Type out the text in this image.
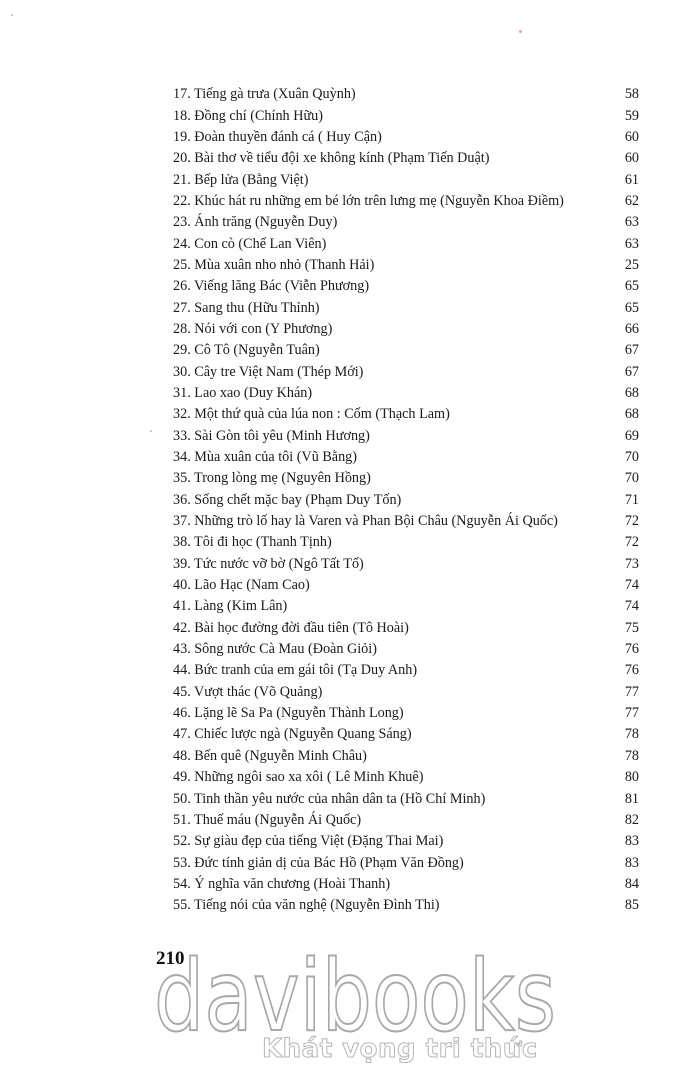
17. Tiếng gà trưa (Xuân Quỳnh)	58
18. Đồng chí (Chính Hữu)	59
19. Đoàn thuyền đánh cá ( Huy Cận)	60
20. Bài thơ về tiểu đội xe không kính (Phạm Tiến Duật)	60
21. Bếp lửa (Bằng Việt)	61
22. Khúc hát ru những em bé lớn trên lưng mẹ (Nguyễn Khoa Điềm)	62
23. Ánh trăng (Nguyễn Duy)	63
24. Con cò (Chế Lan Viên)	63
25. Mùa xuân nho nhỏ (Thanh Hải)	25
26. Viếng lăng Bác (Viễn Phương)	65
27. Sang thu (Hữu Thỉnh)	65
28. Nói với con (Y Phương)	66
29. Cô Tô (Nguyễn Tuân)	67
30. Cây tre Việt Nam (Thép Mới)	67
31. Lao xao (Duy Khán)	68
32. Một thứ quà của lúa non : Cốm (Thạch Lam)	68
33. Sài Gòn tôi yêu (Minh Hương)	69
34. Mùa xuân của tôi (Vũ Bằng)	70
35. Trong lòng mẹ (Nguyên Hồng)	70
36. Sống chết mặc bay (Phạm Duy Tốn)	71
37. Những trò lố hay là Varen và Phan Bội Châu (Nguyễn Ái Quốc)	72
38. Tôi đi học (Thanh Tịnh)	72
39. Tức nước vỡ bờ (Ngô Tất Tố)	73
40. Lão Hạc (Nam Cao)	74
41. Làng (Kim Lân)	74
42. Bài học đường đời đầu tiên (Tô Hoài)	75
43. Sông nước Cà Mau (Đoàn Giỏi)	76
44. Bức tranh của em gái tôi (Tạ Duy Anh)	76
45. Vượt thác (Võ Quảng)	77
46. Lặng lẽ Sa Pa (Nguyễn Thành Long)	77
47. Chiếc lược ngà (Nguyễn Quang Sáng)	78
48. Bến quê (Nguyễn Minh Châu)	78
49. Những ngôi sao xa xôi ( Lê Minh Khuê)	80
50. Tinh thần yêu nước của nhân dân ta (Hồ Chí Minh)	81
51. Thuế máu (Nguyễn Ái Quốc)	82
52. Sự giàu đẹp của tiếng Việt (Đặng Thai Mai)	83
53. Đức tính giản dị của Bác Hồ (Phạm Văn Đồng)	83
54. Ý nghĩa văn chương (Hoài Thanh)	84
55. Tiếng nói của văn nghệ (Nguyễn Đình Thi)	85
210
davibooks
Khát vọng tri thức
